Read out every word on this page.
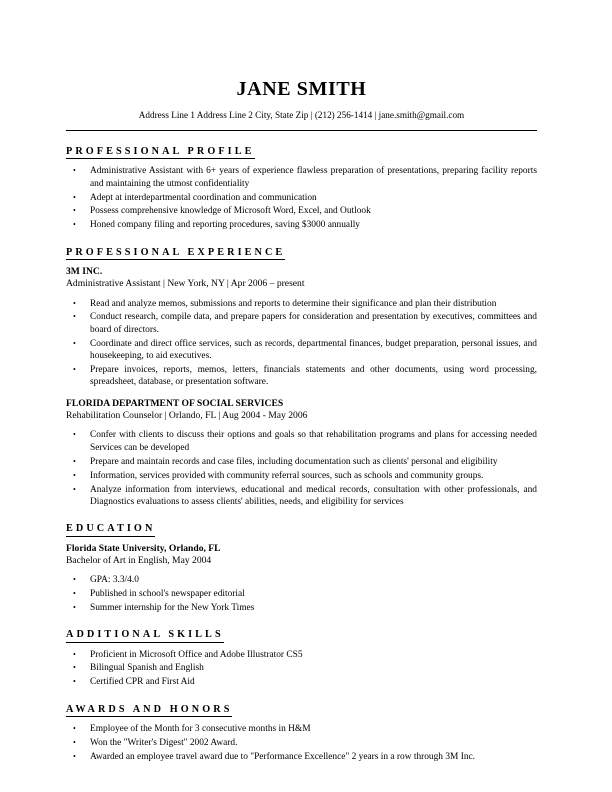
JANE SMITH

Address Line 1 Address Line 2 City, State Zip | (212) 256-1414 | jane.smith@gmail.com

PROFESSIONAL PROFILE
• Administrative Assistant with 6+ years of experience flawless preparation of presentations, preparing facility reports and maintaining the utmost confidentiality
• Adept at interdepartmental coordination and communication
• Possess comprehensive knowledge of Microsoft Word, Excel, and Outlook
• Honed company filing and reporting procedures, saving $3000 annually
PROFESSIONAL EXPERIENCE
3M INC.
Administrative Assistant | New York, NY | Apr 2006 – present
• Read and analyze memos, submissions and reports to determine their significance and plan their distribution
• Conduct research, compile data, and prepare papers for consideration and presentation by executives, committees and board of directors.
• Coordinate and direct office services, such as records, departmental finances, budget preparation, personal issues, and housekeeping, to aid executives.
• Prepare invoices, reports, memos, letters, financials statements and other documents, using word processing, spreadsheet, database, or presentation software.
FLORIDA DEPARTMENT OF SOCIAL SERVICES
Rehabilitation Counselor | Orlando, FL | Aug 2004 - May 2006
• Confer with clients to discuss their options and goals so that rehabilitation programs and plans for accessing needed Services can be developed
• Prepare and maintain records and case files, including documentation such as clients' personal and eligibility
• Information, services provided with community referral sources, such as schools and community groups.
• Analyze information from interviews, educational and medical records, consultation with other professionals, and Diagnostics evaluations to assess clients' abilities, needs, and eligibility for services
EDUCATION
Florida State University, Orlando, FL
Bachelor of Art in English, May 2004
• GPA: 3.3/4.0
• Published in school's newspaper editorial
• Summer internship for the New York Times
ADDITIONAL SKILLS
• Proficient in Microsoft Office and Adobe Illustrator CS5
• Bilingual Spanish and English
• Certified CPR and First Aid
AWARDS AND HONORS
• Employee of the Month for 3 consecutive months in H&M
• Won the "Writer's Digest" 2002 Award.
• Awarded an employee travel award due to "Performance Excellence" 2 years in a row through 3M Inc.
